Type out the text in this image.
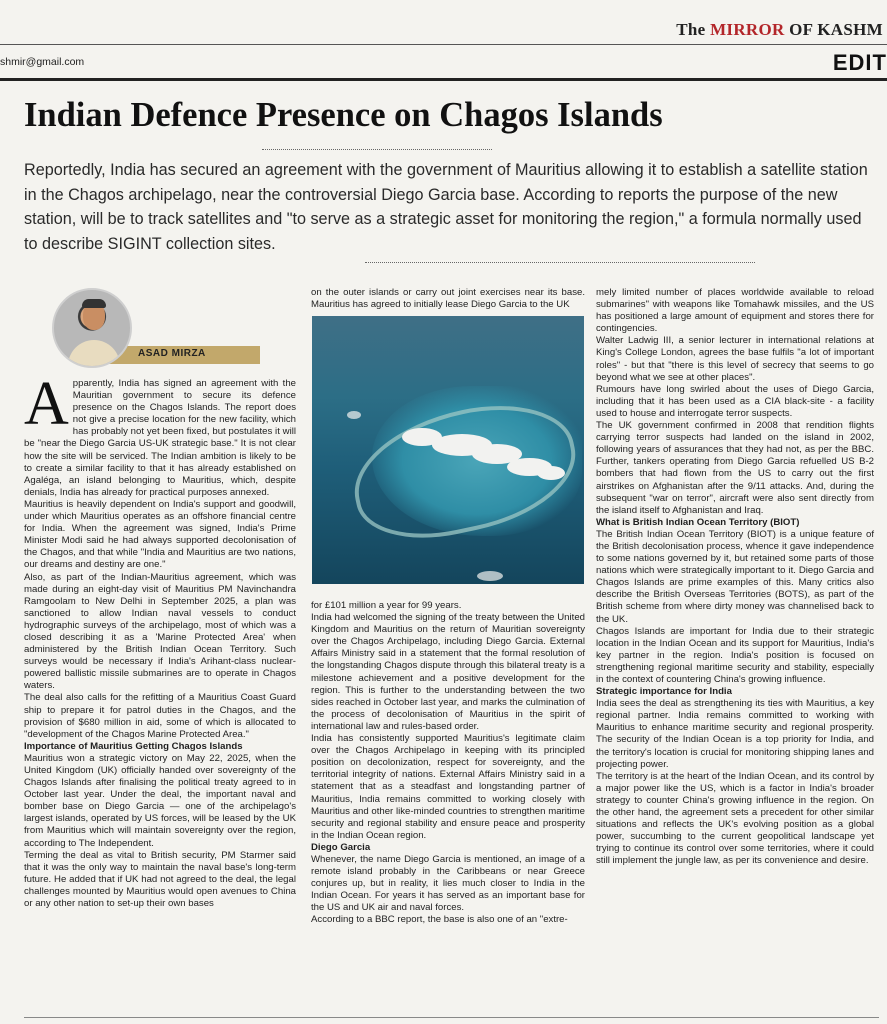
The MIRROR OF KASHM
shmir@gmail.com	EDIT
Indian Defence Presence on Chagos Islands

Reportedly, India has secured an agreement with the government of Mauritius allowing it to establish a satellite station in the Chagos archipelago, near the controversial Diego Garcia base. According to reports the purpose of the new station, will be to track satellites and "to serve as a strategic asset for monitoring the region," a formula normally used to describe SIGINT collection sites.

ASAD MIRZA

Apparently, India has signed an agreement with the Mauritian government to secure its defence presence on the Chagos Islands. The report does not give a precise location for the new facility, which has probably not yet been fixed, but postulates it will be "near the Diego Garcia US-UK strategic base." It is not clear how the site will be serviced. The Indian ambition is likely to be to create a similar facility to that it has already established on Agaléga, an island belonging to Mauritius, which, despite denials, India has already for practical purposes annexed.

Mauritius is heavily dependent on India's support and goodwill, under which Mauritius operates as an offshore financial centre for India. When the agreement was signed, India's Prime Minister Modi said he had always supported decolonisation of the Chagos, and that while "India and Mauritius are two nations, our dreams and destiny are one."

Also, as part of the Indian-Mauritius agreement, which was made during an eight-day visit of Mauritius PM Navinchandra Ramgoolam to New Delhi in September 2025, a plan was sanctioned to allow Indian naval vessels to conduct hydrographic surveys of the archipelago, most of which was a closed describing it as a 'Marine Protected Area' when administered by the British Indian Ocean Territory. Such surveys would be necessary if India's Arihant-class nuclear-powered ballistic missile submarines are to operate in Chagos waters.

The deal also calls for the refitting of a Mauritius Coast Guard ship to prepare it for patrol duties in the Chagos, and the provision of $680 million in aid, some of which is allocated to "development of the Chagos Marine Protected Area."

Importance of Mauritius Getting Chagos Islands

Mauritius won a strategic victory on May 22, 2025, when the United Kingdom (UK) officially handed over sovereignty of the Chagos Islands after finalising the political treaty agreed to in October last year. Under the deal, the important naval and bomber base on Diego Garcia — one of the archipelago's largest islands, operated by US forces, will be leased by the UK from Mauritius which will maintain sovereignty over the region, according to The Independent.

Terming the deal as vital to British security, PM Starmer said that it was the only way to maintain the naval base's long-term future. He added that if UK had not agreed to the deal, the legal challenges mounted by Mauritius would open avenues to China or any other nation to set-up their own bases

on the outer islands or carry out joint exercises near its base. Mauritius has agreed to initially lease Diego Garcia to the UK

for £101 million a year for 99 years.

India had welcomed the signing of the treaty between the United Kingdom and Mauritius on the return of Mauritian sovereignty over the Chagos Archipelago, including Diego Garcia. External Affairs Ministry said in a statement that the formal resolution of the longstanding Chagos dispute through this bilateral treaty is a milestone achievement and a positive development for the region. This is further to the understanding between the two sides reached in October last year, and marks the culmination of the process of decolonisation of Mauritius in the spirit of international law and rules-based order.

India has consistently supported Mauritius's legitimate claim over the Chagos Archipelago in keeping with its principled position on decolonization, respect for sovereignty, and the territorial integrity of nations. External Affairs Ministry said in a statement that as a steadfast and longstanding partner of Mauritius, India remains committed to working closely with Mauritius and other like-minded countries to strengthen maritime security and regional stability and ensure peace and prosperity in the Indian Ocean region.

Diego Garcia

Whenever, the name Diego Garcia is mentioned, an image of a remote island probably in the Caribbeans or near Greece conjures up, but in reality, it lies much closer to India in the Indian Ocean. For years it has served as an important base for the US and UK air and naval forces.

According to a BBC report, the base is also one of an "extre-

mely limited number of places worldwide available to reload submarines" with weapons like Tomahawk missiles, and the US has positioned a large amount of equipment and stores there for contingencies.

Walter Ladwig III, a senior lecturer in international relations at King's College London, agrees the base fulfils "a lot of important roles" - but that "there is this level of secrecy that seems to go beyond what we see at other places".

Rumours have long swirled about the uses of Diego Garcia, including that it has been used as a CIA black-site - a facility used to house and interrogate terror suspects.

The UK government confirmed in 2008 that rendition flights carrying terror suspects had landed on the island in 2002, following years of assurances that they had not, as per the BBC. Further, tankers operating from Diego Garcia refuelled US B-2 bombers that had flown from the US to carry out the first airstrikes on Afghanistan after the 9/11 attacks. And, during the subsequent "war on terror", aircraft were also sent directly from the island itself to Afghanistan and Iraq.

What is British Indian Ocean Territory (BIOT)

The British Indian Ocean Territory (BIOT) is a unique feature of the British decolonisation process, whence it gave independence to some nations governed by it, but retained some parts of those nations which were strategically important to it. Diego Garcia and Chagos Islands are prime examples of this. Many critics also describe the British Overseas Territories (BOTS), as part of the British scheme from where dirty money was channelised back to the UK.

Chagos Islands are important for India due to their strategic location in the Indian Ocean and its support for Mauritius, India's key partner in the region. India's position is focused on strengthening regional maritime security and stability, especially in the context of countering China's growing influence.

Strategic importance for India

India sees the deal as strengthening its ties with Mauritius, a key regional partner. India remains committed to working with Mauritius to enhance maritime security and regional prosperity. The security of the Indian Ocean is a top priority for India, and the territory's location is crucial for monitoring shipping lanes and projecting power.

The territory is at the heart of the Indian Ocean, and its control by a major power like the US, which is a factor in India's broader strategy to counter China's growing influence in the region. On the other hand, the agreement sets a precedent for other similar situations and reflects the UK's evolving position as a global power, succumbing to the current geopolitical landscape yet trying to continue its control over some territories, where it could still implement the jungle law, as per its convenience and desire.
